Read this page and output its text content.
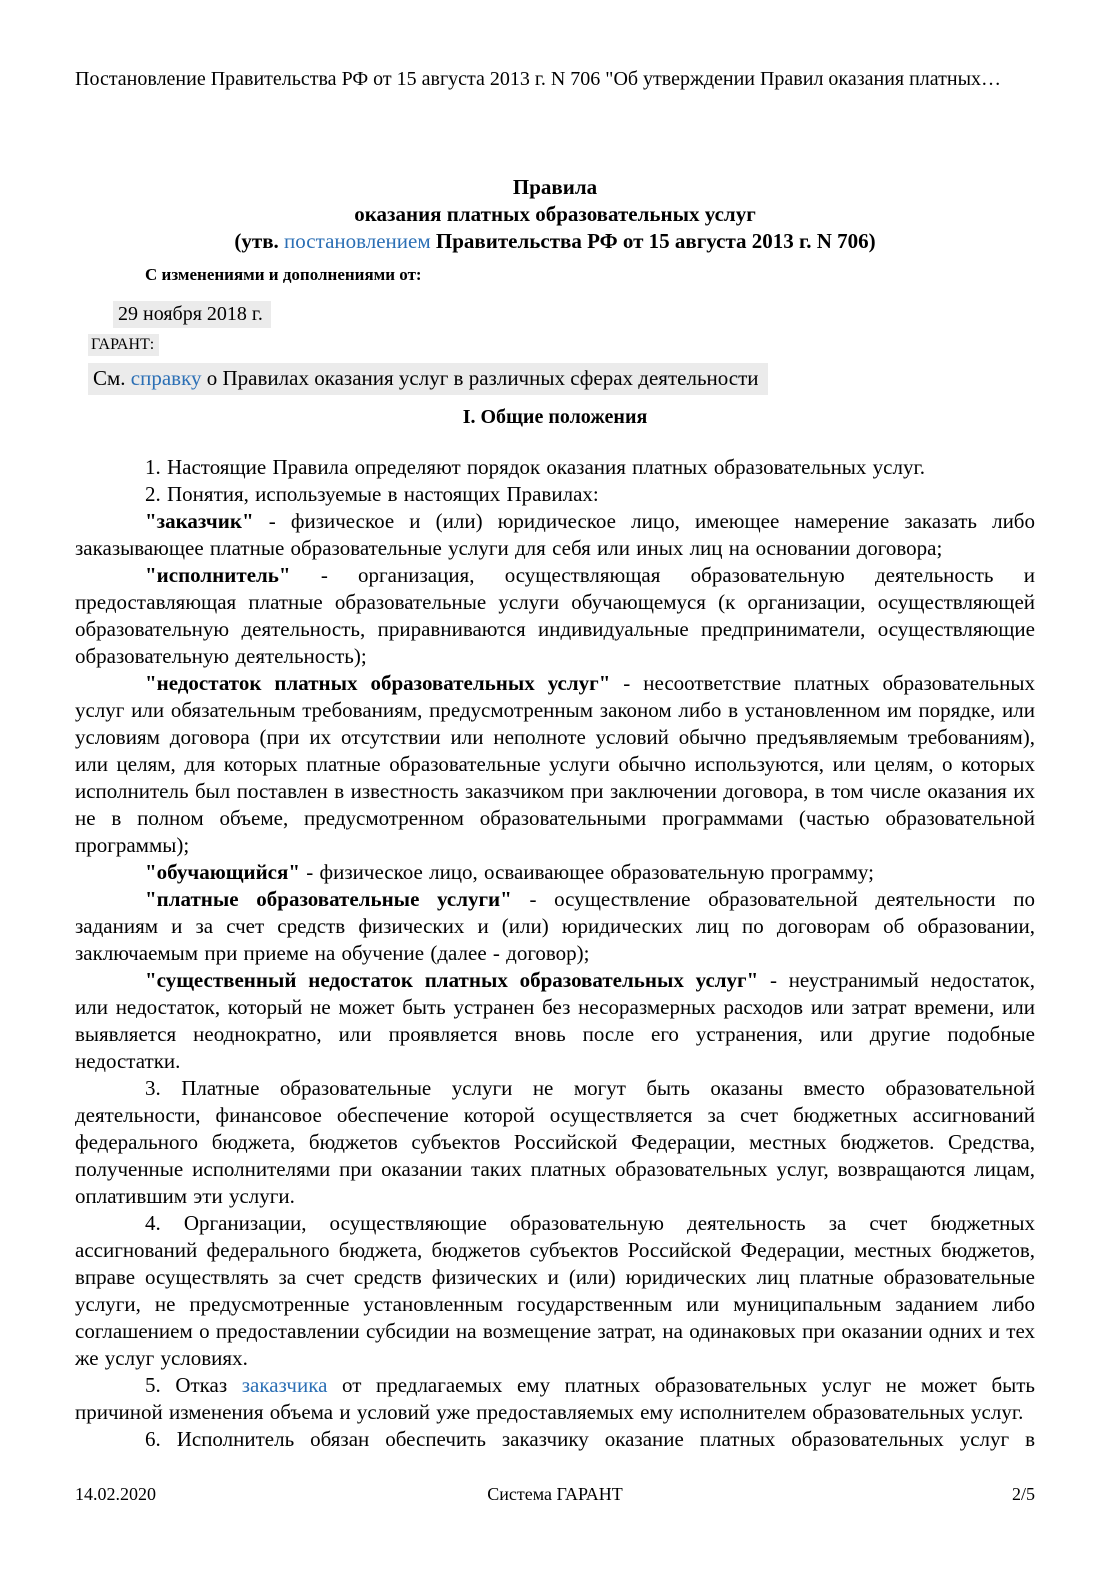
Постановление Правительства РФ от 15 августа 2013 г. N 706 "Об утверждении Правил оказания платных…
Правила
оказания платных образовательных услуг
(утв. постановлением Правительства РФ от 15 августа 2013 г. N 706)
С изменениями и дополнениями от:
29 ноября 2018 г.
ГАРАНТ:
См. справку о Правилах оказания услуг в различных сферах деятельности
I. Общие положения

1. Настоящие Правила определяют порядок оказания платных образовательных услуг.

2. Понятия, используемые в настоящих Правилах:

"заказчик" - физическое и (или) юридическое лицо, имеющее намерение заказать либо заказывающее платные образовательные услуги для себя или иных лиц на основании договора;

"исполнитель" - организация, осуществляющая образовательную деятельность и предоставляющая платные образовательные услуги обучающемуся (к организации, осуществляющей образовательную деятельность, приравниваются индивидуальные предприниматели, осуществляющие образовательную деятельность);

"недостаток платных образовательных услуг" - несоответствие платных образовательных услуг или обязательным требованиям, предусмотренным законом либо в установленном им порядке, или условиям договора (при их отсутствии или неполноте условий обычно предъявляемым требованиям), или целям, для которых платные образовательные услуги обычно используются, или целям, о которых исполнитель был поставлен в известность заказчиком при заключении договора, в том числе оказания их не в полном объеме, предусмотренном образовательными программами (частью образовательной программы);

"обучающийся" - физическое лицо, осваивающее образовательную программу;

"платные образовательные услуги" - осуществление образовательной деятельности по заданиям и за счет средств физических и (или) юридических лиц по договорам об образовании, заключаемым при приеме на обучение (далее - договор);

"существенный недостаток платных образовательных услуг" - неустранимый недостаток, или недостаток, который не может быть устранен без несоразмерных расходов или затрат времени, или выявляется неоднократно, или проявляется вновь после его устранения, или другие подобные недостатки.

3. Платные образовательные услуги не могут быть оказаны вместо образовательной деятельности, финансовое обеспечение которой осуществляется за счет бюджетных ассигнований федерального бюджета, бюджетов субъектов Российской Федерации, местных бюджетов. Средства, полученные исполнителями при оказании таких платных образовательных услуг, возвращаются лицам, оплатившим эти услуги.

4. Организации, осуществляющие образовательную деятельность за счет бюджетных ассигнований федерального бюджета, бюджетов субъектов Российской Федерации, местных бюджетов, вправе осуществлять за счет средств физических и (или) юридических лиц платные образовательные услуги, не предусмотренные установленным государственным или муниципальным заданием либо соглашением о предоставлении субсидии на возмещение затрат, на одинаковых при оказании одних и тех же услуг условиях.

5. Отказ заказчика от предлагаемых ему платных образовательных услуг не может быть причиной изменения объема и условий уже предоставляемых ему исполнителем образовательных услуг.

6. Исполнитель обязан обеспечить заказчику оказание платных образовательных услуг в

14.02.2020	Система ГАРАНТ	2/5
